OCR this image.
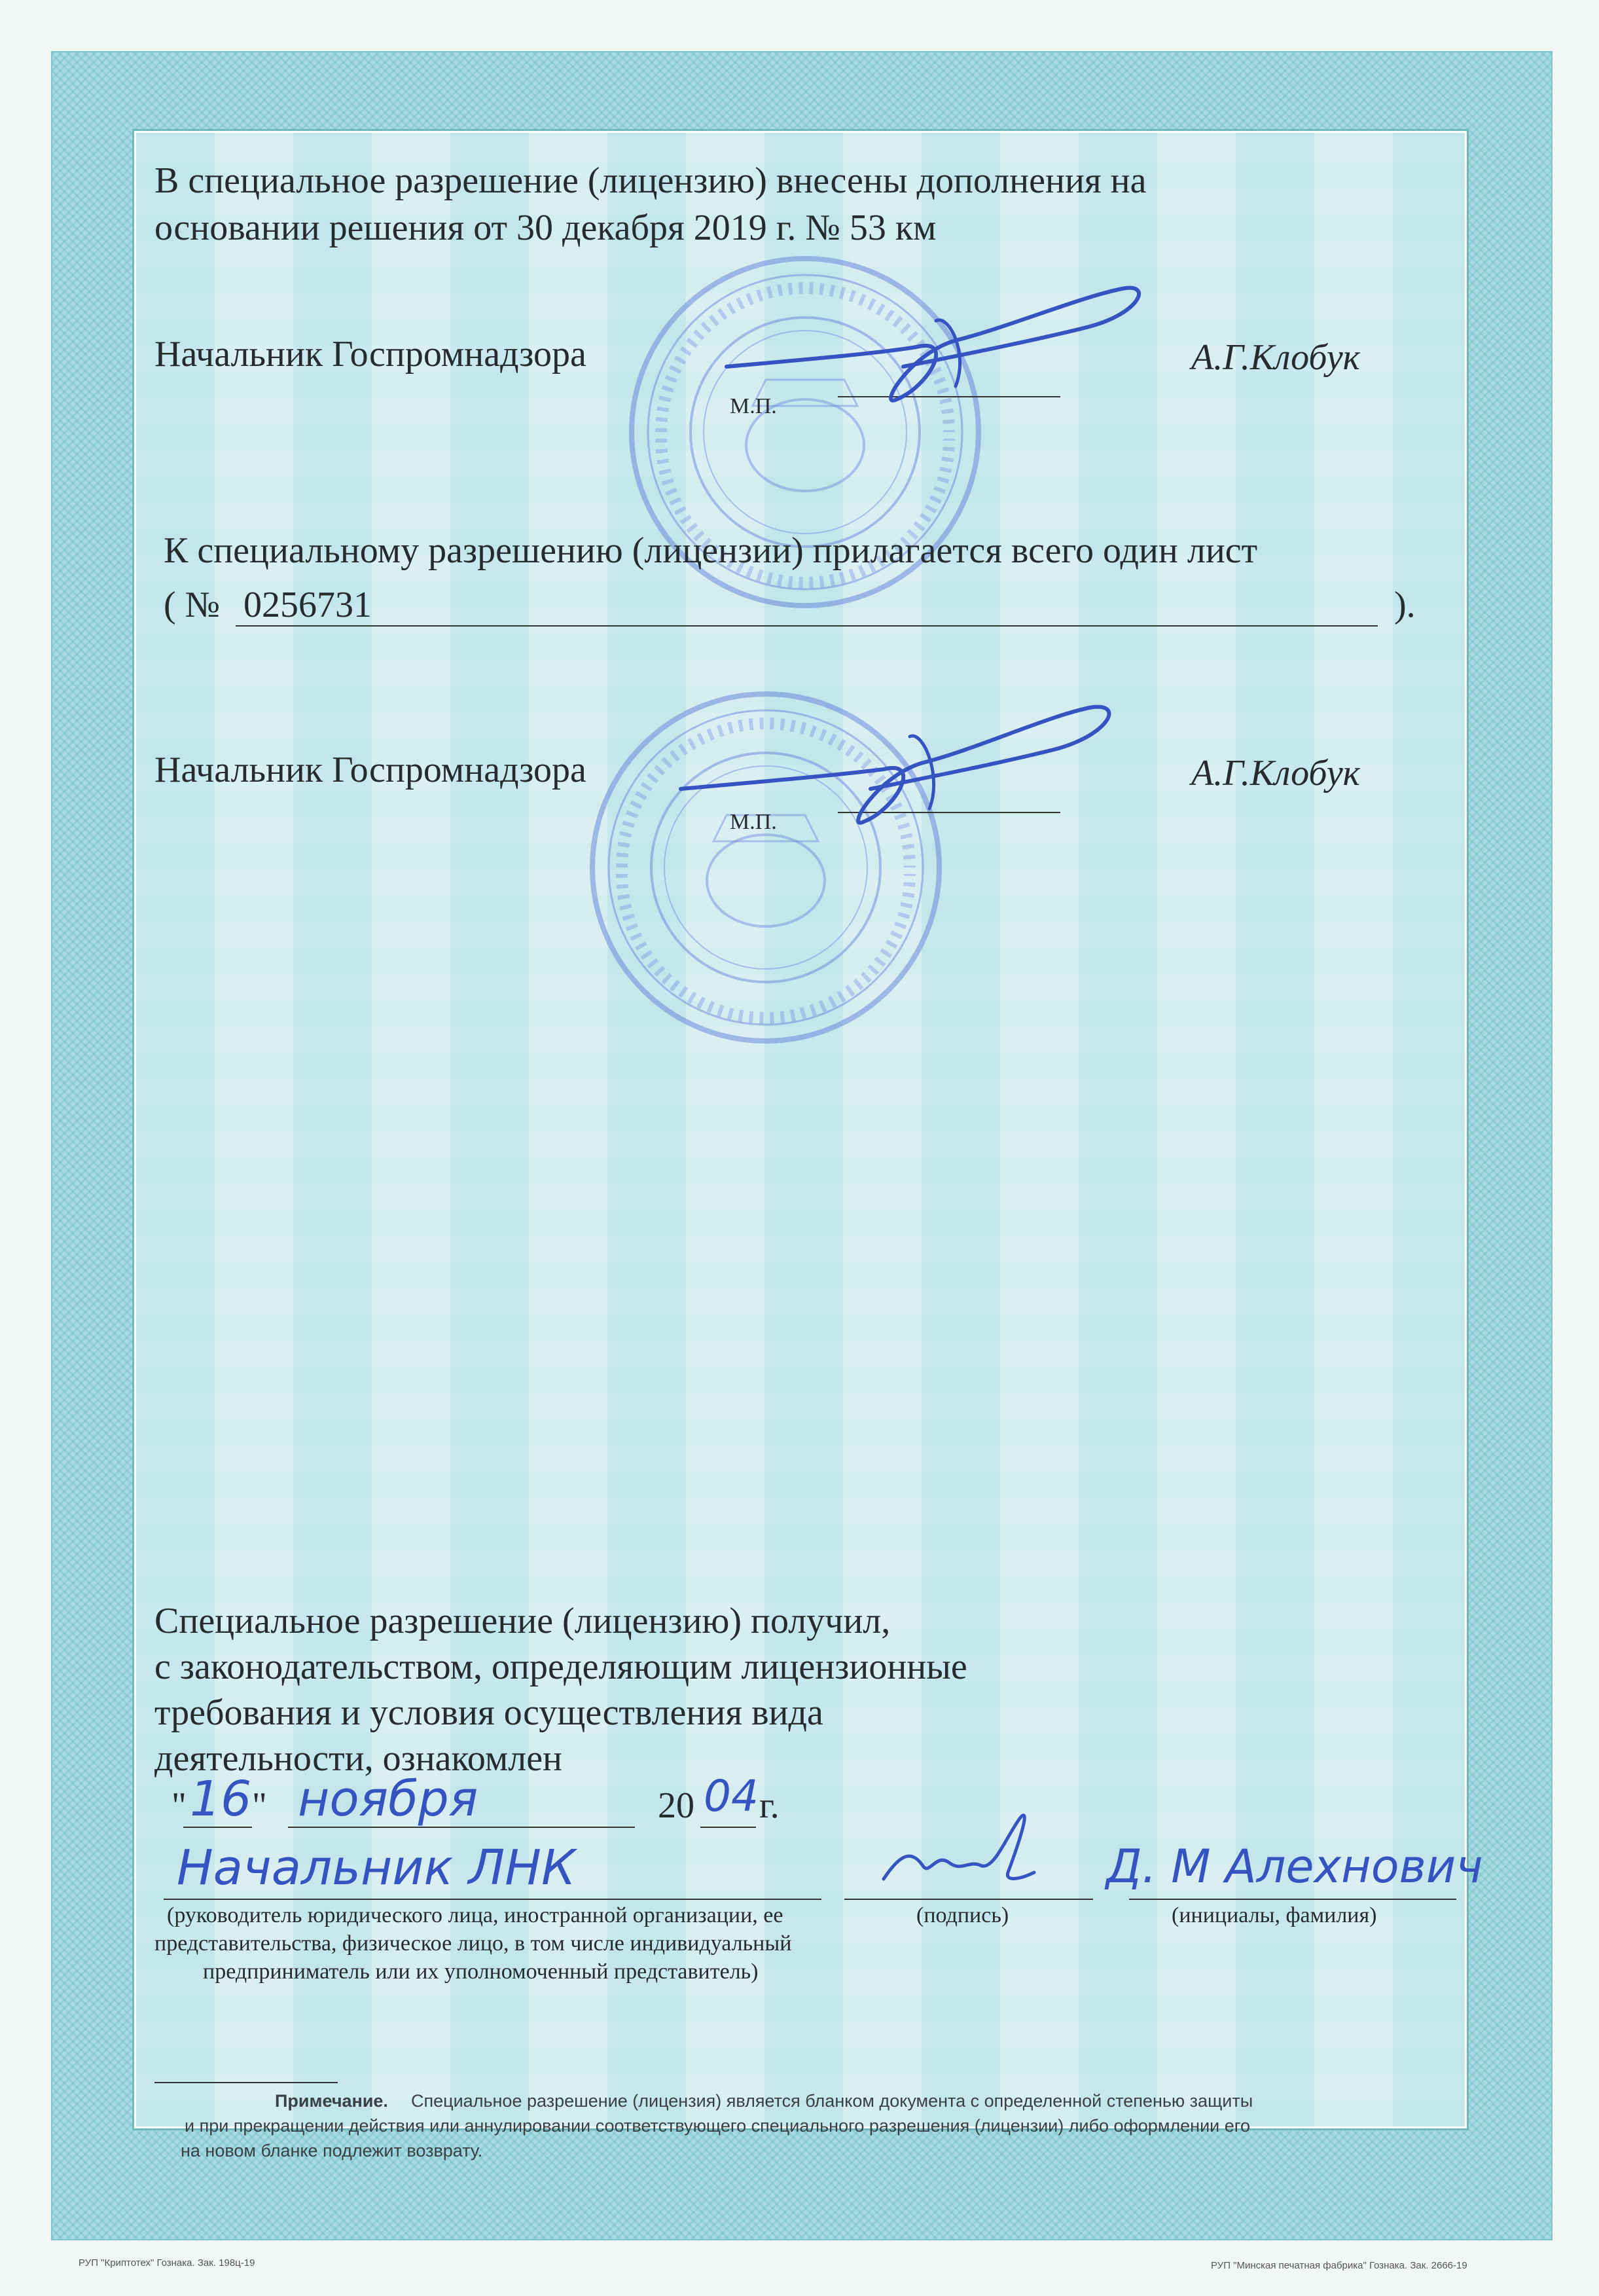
В специальное разрешение (лицензию) внесены дополнения на
основании решения от 30 декабря 2019 г. № 53 км
Начальник Госпромнадзора
М.П.
А.Г.Клобук
К специальному разрешению (лицензии) прилагается всего один лист
( № 0256731	).
Начальник Госпромнадзора
М.П.
А.Г.Клобук
Специальное разрешение (лицензию) получил,
с законодательством, определяющим лицензионные
требования и условия осуществления вида
деятельности, ознакомлен
" 16 " ноября	20 04 г.
Начальник ЛНК	Д. М Алехнович
(руководитель юридического лица, иностранной организации, ее
представительства, физическое лицо, в том числе индивидуальный
предприниматель или их уполномоченный представитель)
(подпись)	(инициалы, фамилия)
Примечание. Специальное разрешение (лицензия) является бланком документа с определенной степенью защиты
и при прекращении действия или аннулировании соответствующего специального разрешения (лицензии) либо оформлении его
на новом бланке подлежит возврату.
РУП "Криптотех" Гознака. Зак. 198ц-19	РУП "Минская печатная фабрика" Гознака. Зак. 2666-19
